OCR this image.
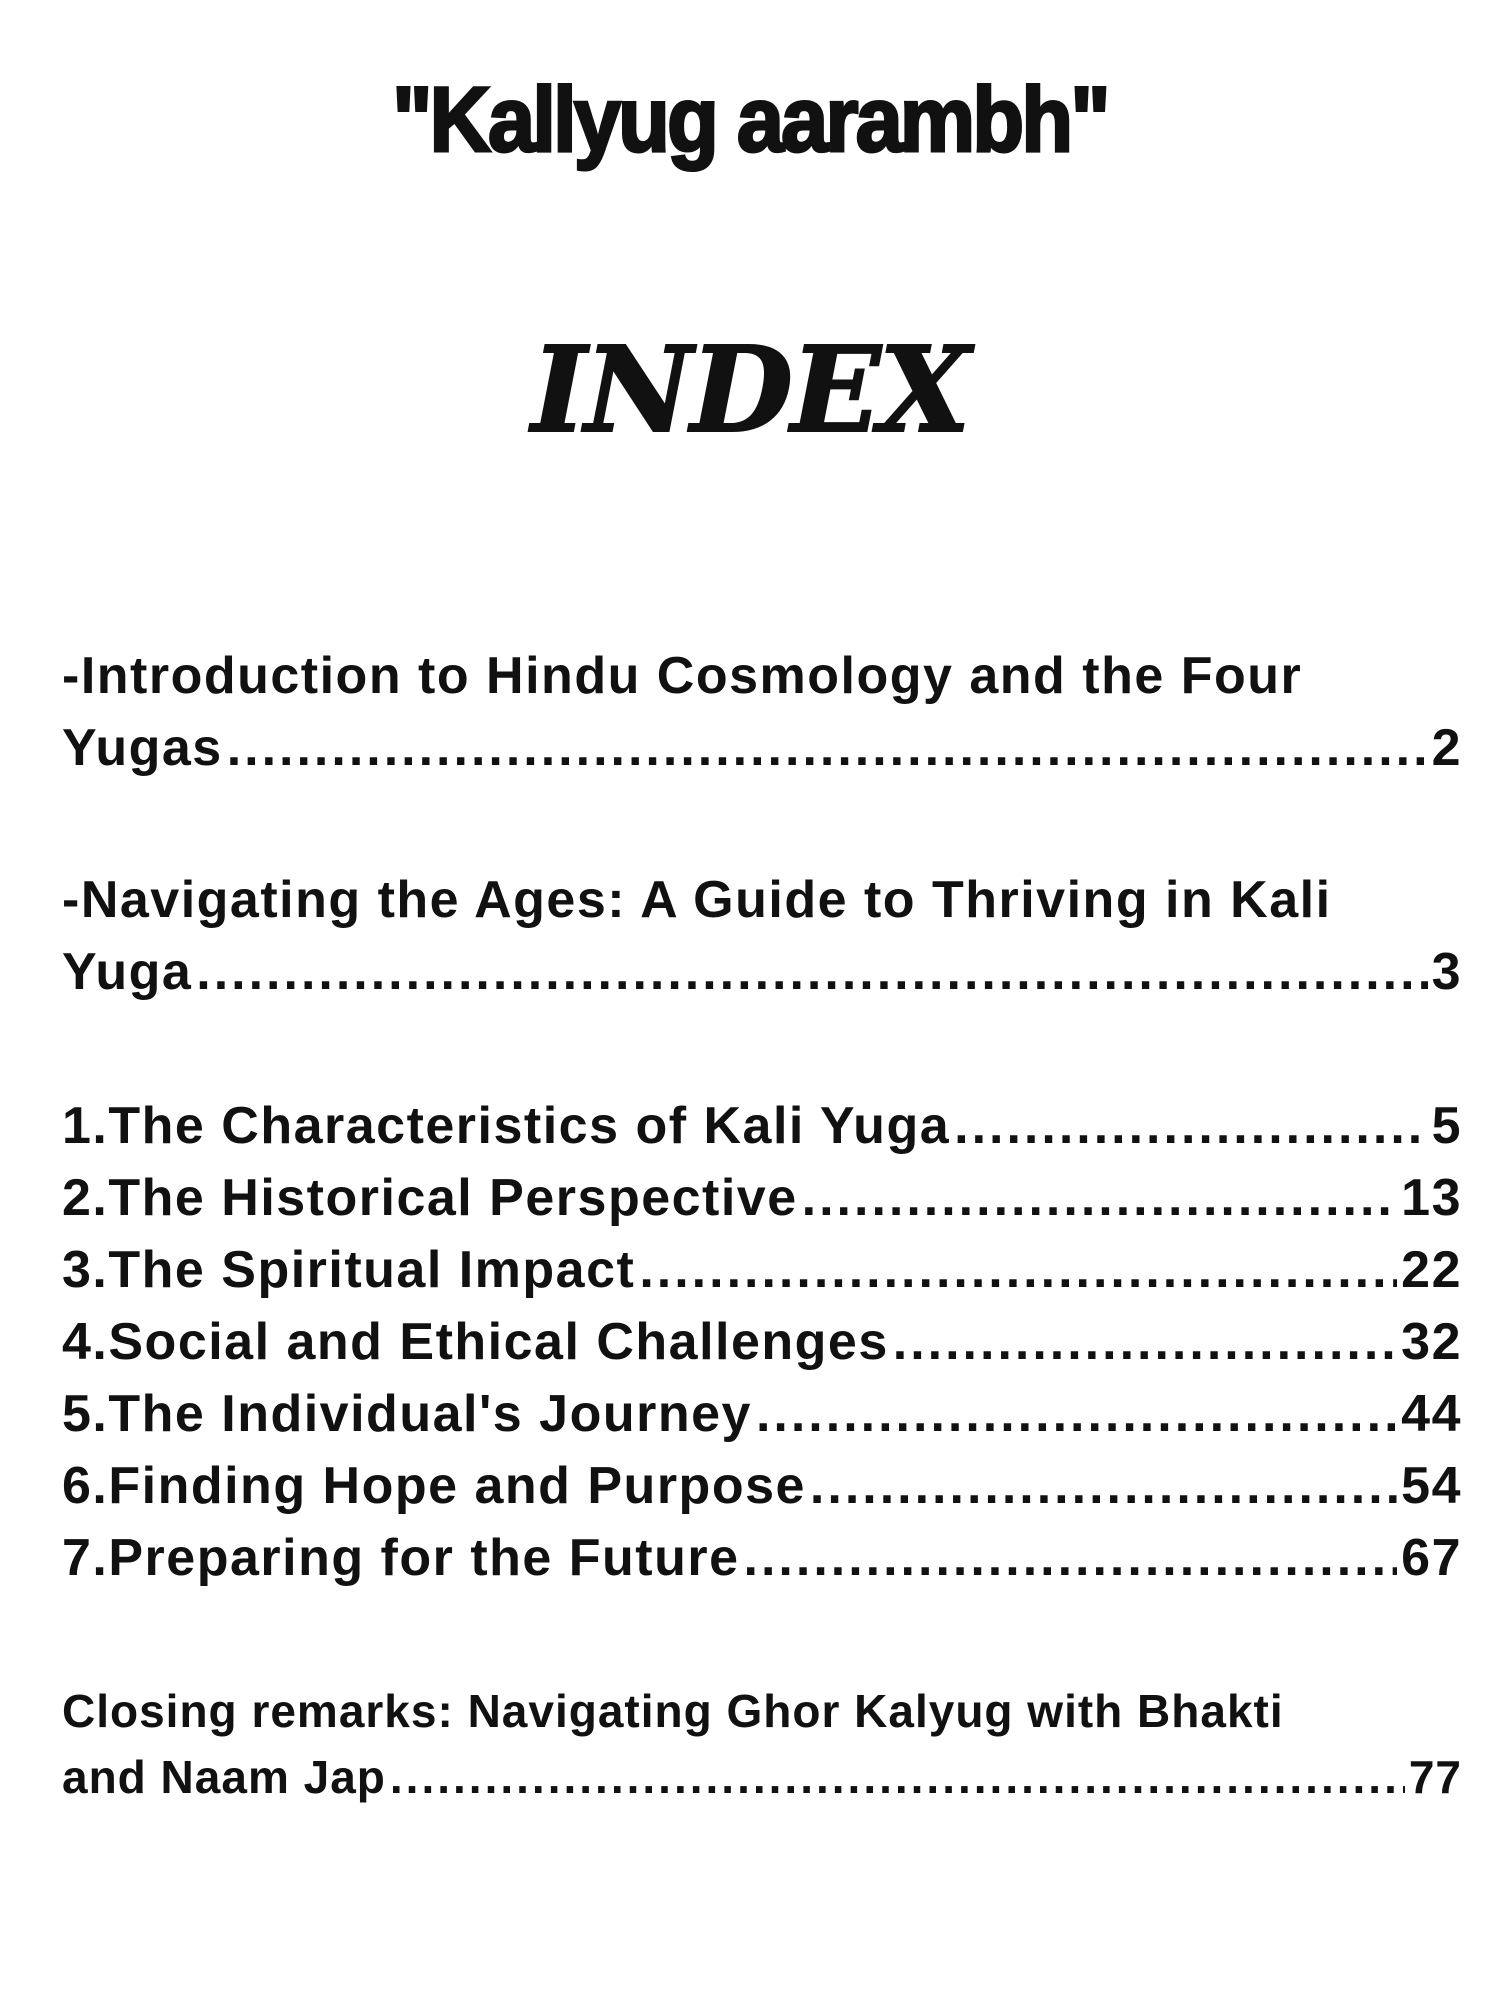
"Kallyug aarambh"
INDEX
-Introduction to Hindu Cosmology and the Four
Yugas .....	2
-Navigating the Ages: A Guide to Thriving in Kali
Yuga .....	3
1.The Characteristics of Kali Yuga .....	5
2.The Historical Perspective .....	13
3.The Spiritual Impact .....	22
4.Social and Ethical Challenges .....	32
5.The Individual's Journey .....	44
6.Finding Hope and Purpose .....	54
7.Preparing for the Future .....	67
Closing remarks: Navigating Ghor Kalyug with Bhakti
and Naam Jap .....	77
